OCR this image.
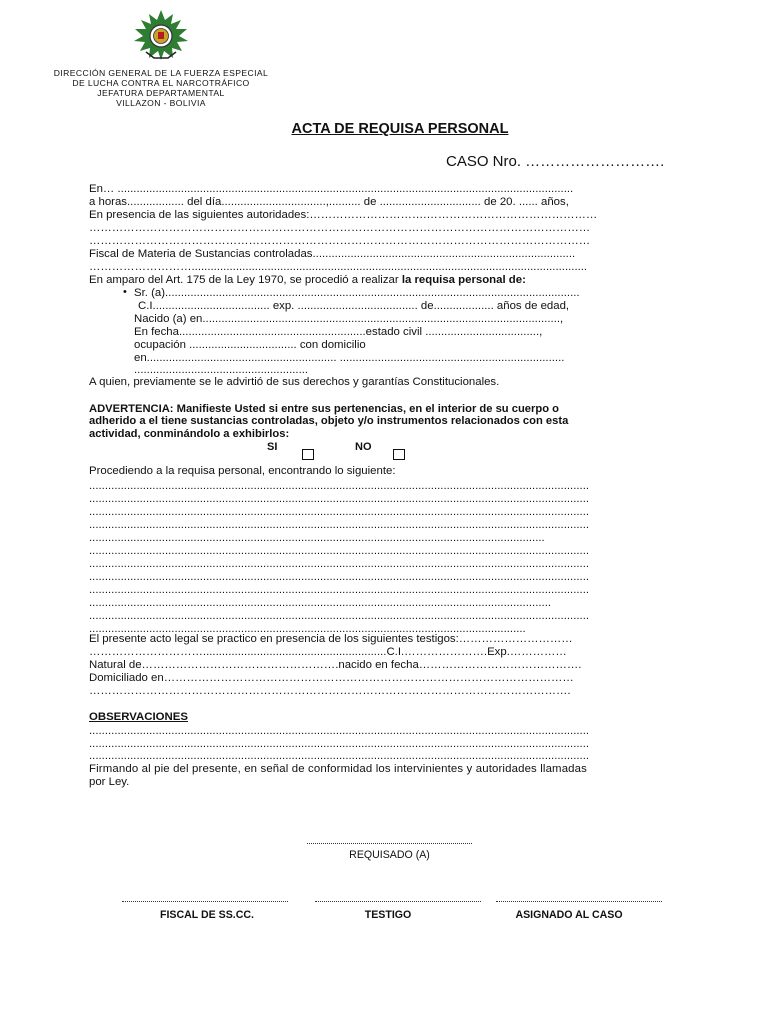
DIRECCIÓN GENERAL DE LA FUERZA ESPECIAL
DE LUCHA CONTRA EL NARCOTRÁFICO
JEFATURA DEPARTAMENTAL
VILLAZON - BOLIVIA
ACTA DE REQUISA PERSONAL
CASO Nro. ……………………….
En… ................................................................................................................................................
a horas.................. del día.................................,.......... de ................................ de 20. ...... años,
En presencia de las siguientes autoridades:………………………….………………………………………
……………………………………………………………………………………………………………………
……………………………………………………………………………………………………………………
Fiscal de Materia de Sustancias controladas...................................................................................
……………………….............................................................................................................................
En amparo del Art. 175 de la Ley 1970, se procedió a realizar la requisa personal de:
• Sr. (a)...................................................................................................................................
C.I..................................... exp. ...................................... de................... años de edad,
Nacido (a) en.................................................................................................................,
En fecha...........................................................estado civil ....................................,
ocupación .................................. con domicilio
en............................................................ .......................................................................
.......................................................
A quien, previamente se le advirtió de sus derechos y garantías Constitucionales.
ADVERTENCIA: Manifieste Usted si entre sus pertenencias, en el interior de su cuerpo o
adherido a el tiene sustancias controladas, objeto y/o instrumentos relacionados con esta
actividad, conminándolo a exhibirlos:
SI	NO
Procediendo a la requisa personal, encontrando lo siguiente:
..............................................................................................................................................................
..............................................................................................................................................................
..............................................................................................................................................................
..............................................................................................................................................................
................................................................................................................................................
..............................................................................................................................................................
..............................................................................................................................................................
..............................................................................................................................................................
..............................................................................................................................................................
..................................................................................................................................................
..............................................................................................................................................................
..........................................................................................................................................
El presente acto legal se practico en presencia de los siguientes testigos:…………………………
…………………………..........................................................C.I.………………….Exp.……………
Natural de…………………………………………….nacido en fecha…………………………………….
Domiciliado en………………………………………………………………………………………………
……………………………………………………………………………………………………………….
OBSERVACIONES
..............................................................................................................................................................
..............................................................................................................................................................
..............................................................................................................................................................
Firmando al pie del presente, en señal de conformidad los intervinientes y autoridades llamadas
por Ley.
REQUISADO (A)
FISCAL DE SS.CC.	TESTIGO	ASIGNADO AL CASO
